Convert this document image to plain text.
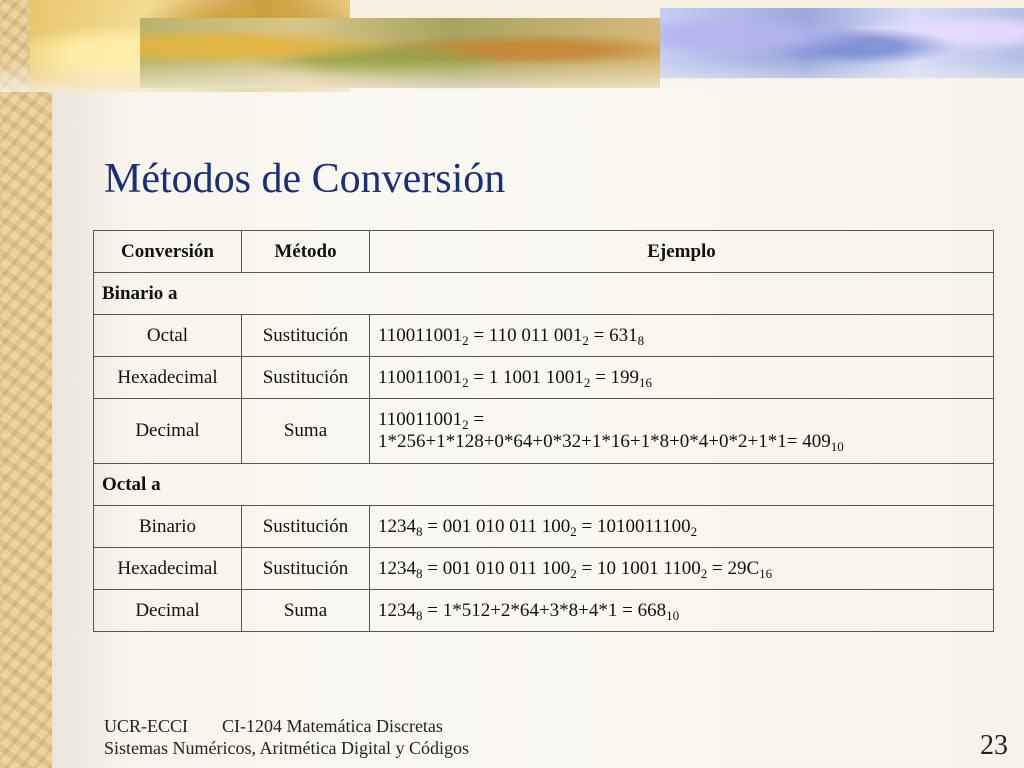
Métodos de Conversión
Conversión	Método	Ejemplo
Binario a		
Octal	Sustitución	$110011001_2 = 110$ 011 $001_2 = 631_8$
Hexadecimal	Sustitución	$110011001_2 = 1$ 1001 $1001_2 = 199_{16}$
Decimal	Suma	$110011001_2$ =
$1*256+1*128+0*64+0*32+1*16+1*8+0*4+0*2+1*1= 409_{10}$
Octal a		
Binario	Sustitución	$1234_8 = 001$ 010 011 $100_2 = 1010011100_2$
Hexadecimal	Sustitución	$1234_8 = 001$ 010 011 $100_2 = 10$ 1001 $1100_2 = 29C_{16}$
Decimal	Suma	$1234_8 = 1*512+2*64+3*8+4*1 = 668_{10}$
UCR-ECCI CI-1204 Matemática Discretas
Sistemas Numéricos, Aritmética Digital y Códigos	23
